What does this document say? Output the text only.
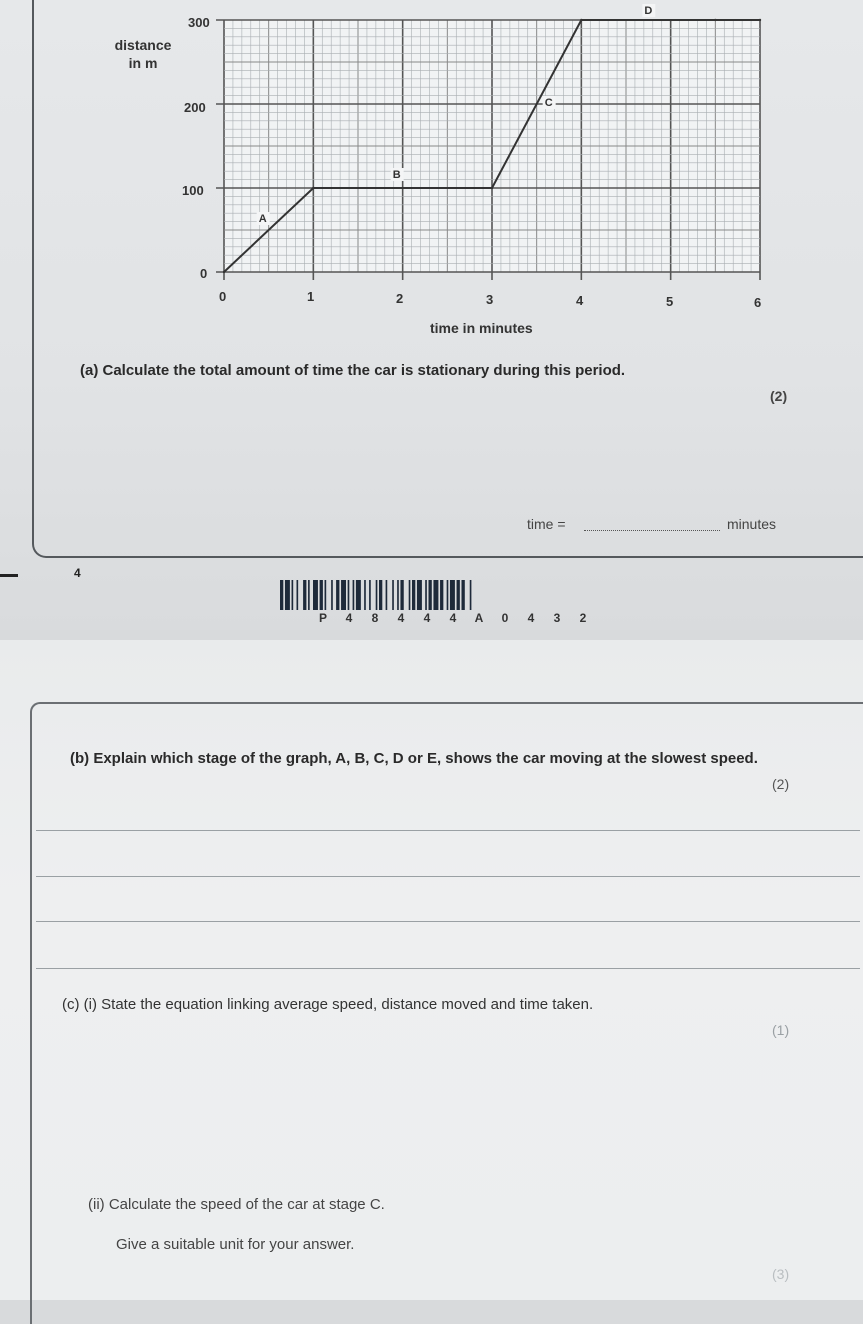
distance
in m
300
200
100
0
0	1	2	3	4	5	6
time in minutes
A
B
C
D
(a) Calculate the total amount of time the car is stationary during this period.
(2)
time =	minutes
4
P 4 8 4 4 4 A 0 4 3 2
(b) Explain which stage of the graph, A, B, C, D or E, shows the car moving at the slowest speed.
(2)
(c) (i) State the equation linking average speed, distance moved and time taken.
(1)
(ii) Calculate the speed of the car at stage C.
Give a suitable unit for your answer.
(3)
